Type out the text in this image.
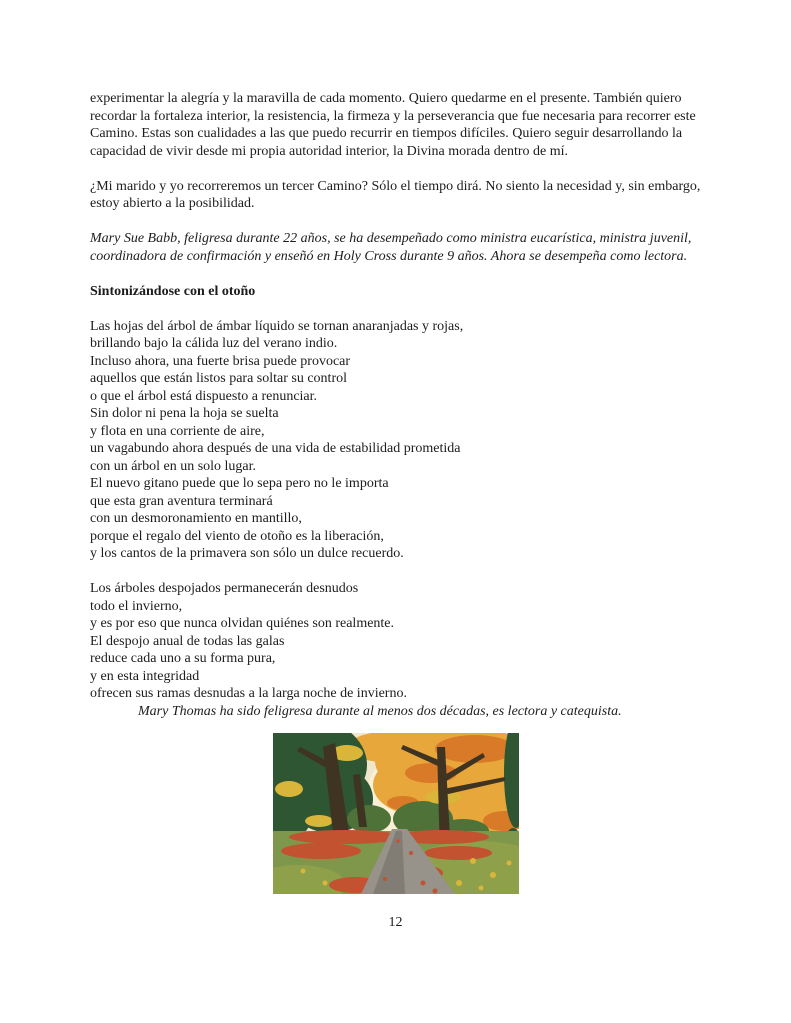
experimentar la alegría y la maravilla de cada momento. Quiero quedarme en el presente. También quiero recordar la fortaleza interior, la resistencia, la firmeza y la perseverancia que fue necesaria para recorrer este Camino. Estas son cualidades a las que puedo recurrir en tiempos difíciles. Quiero seguir desarrollando la capacidad de vivir desde mi propia autoridad interior, la Divina morada dentro de mí.

¿Mi marido y yo recorreremos un tercer Camino? Sólo el tiempo dirá. No siento la necesidad y, sin embargo, estoy abierto a la posibilidad.

Mary Sue Babb, feligresa durante 22 años, se ha desempeñado como ministra eucarística, ministra juvenil, coordinadora de confirmación y enseñó en Holy Cross durante 9 años. Ahora se desempeña como lectora.

Sintonizándose con el otoño
Las hojas del árbol de ámbar líquido se tornan anaranjadas y rojas,
brillando bajo la cálida luz del verano indio.
Incluso ahora, una fuerte brisa puede provocar
aquellos que están listos para soltar su control
o que el árbol está dispuesto a renunciar.
Sin dolor ni pena la hoja se suelta
y flota en una corriente de aire,
un vagabundo ahora después de una vida de estabilidad prometida
con un árbol en un solo lugar.
El nuevo gitano puede que lo sepa pero no le importa
que esta gran aventura terminará
con un desmoronamiento en mantillo,
porque el regalo del viento de otoño es la liberación,
y los cantos de la primavera son sólo un dulce recuerdo.
Los árboles despojados permanecerán desnudos
todo el invierno,
y es por eso que nunca olvidan quiénes son realmente.
El despojo anual de todas las galas
reduce cada uno a su forma pura,
y en esta integridad
ofrecen sus ramas desnudas a la larga noche de invierno.

Mary Thomas ha sido feligresa durante al menos dos décadas, es lectora y catequista.

12
